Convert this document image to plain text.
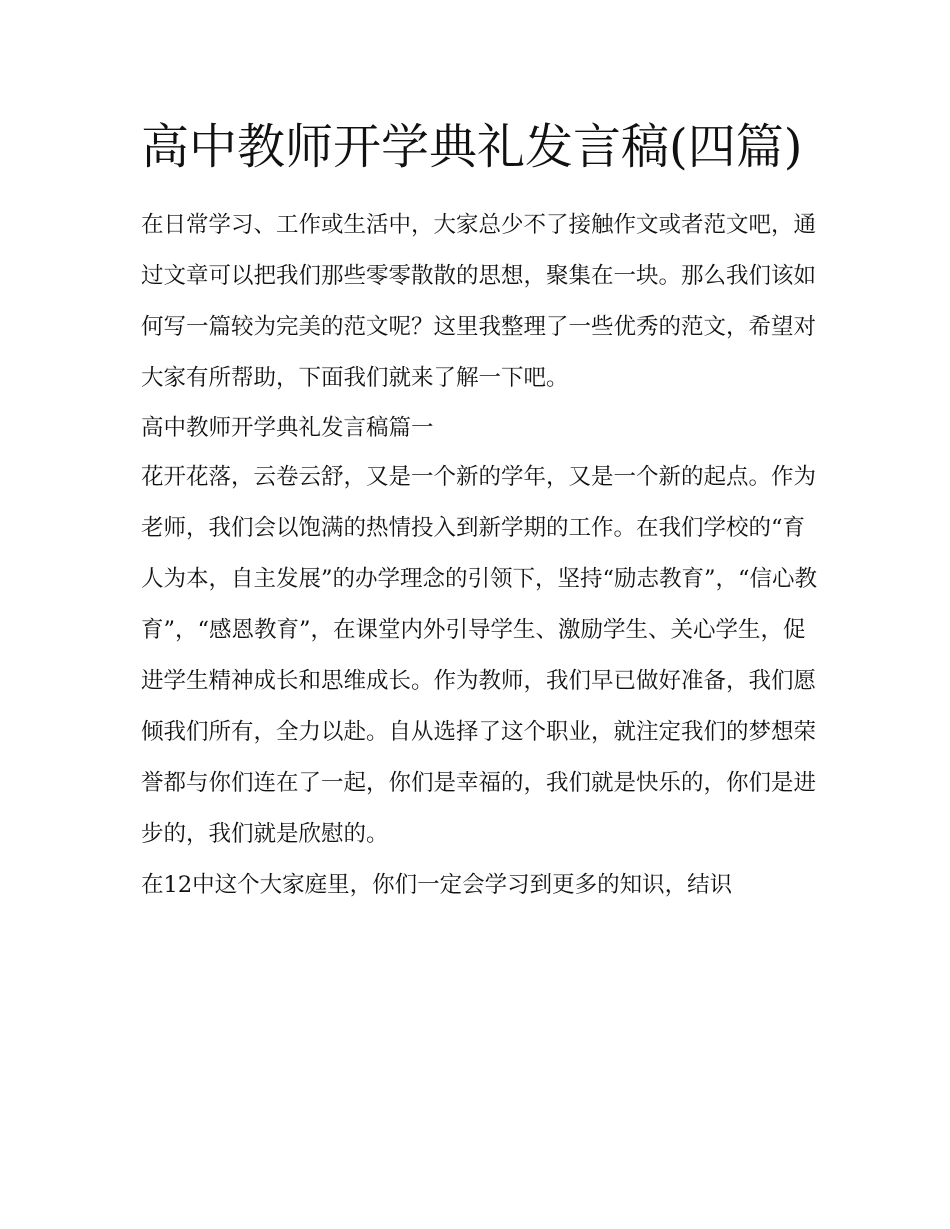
高中教师开学典礼发言稿(四篇)

在日常学习、工作或生活中，大家总少不了接触作文或者范文吧，通过文章可以把我们那些零零散散的思想，聚集在一块。那么我们该如何写一篇较为完美的范文呢？这里我整理了一些优秀的范文，希望对大家有所帮助，下面我们就来了解一下吧。

高中教师开学典礼发言稿篇一

花开花落，云卷云舒，又是一个新的学年，又是一个新的起点。作为老师，我们会以饱满的热情投入到新学期的工作。在我们学校的“育人为本，自主发展”的办学理念的引领下，坚持“励志教育”，“信心教育”，“感恩教育”，在课堂内外引导学生、激励学生、关心学生，促进学生精神成长和思维成长。作为教师，我们早已做好准备，我们愿倾我们所有，全力以赴。自从选择了这个职业，就注定我们的梦想荣誉都与你们连在了一起，你们是幸福的，我们就是快乐的，你们是进步的，我们就是欣慰的。

在12中这个大家庭里，你们一定会学习到更多的知识，结识
